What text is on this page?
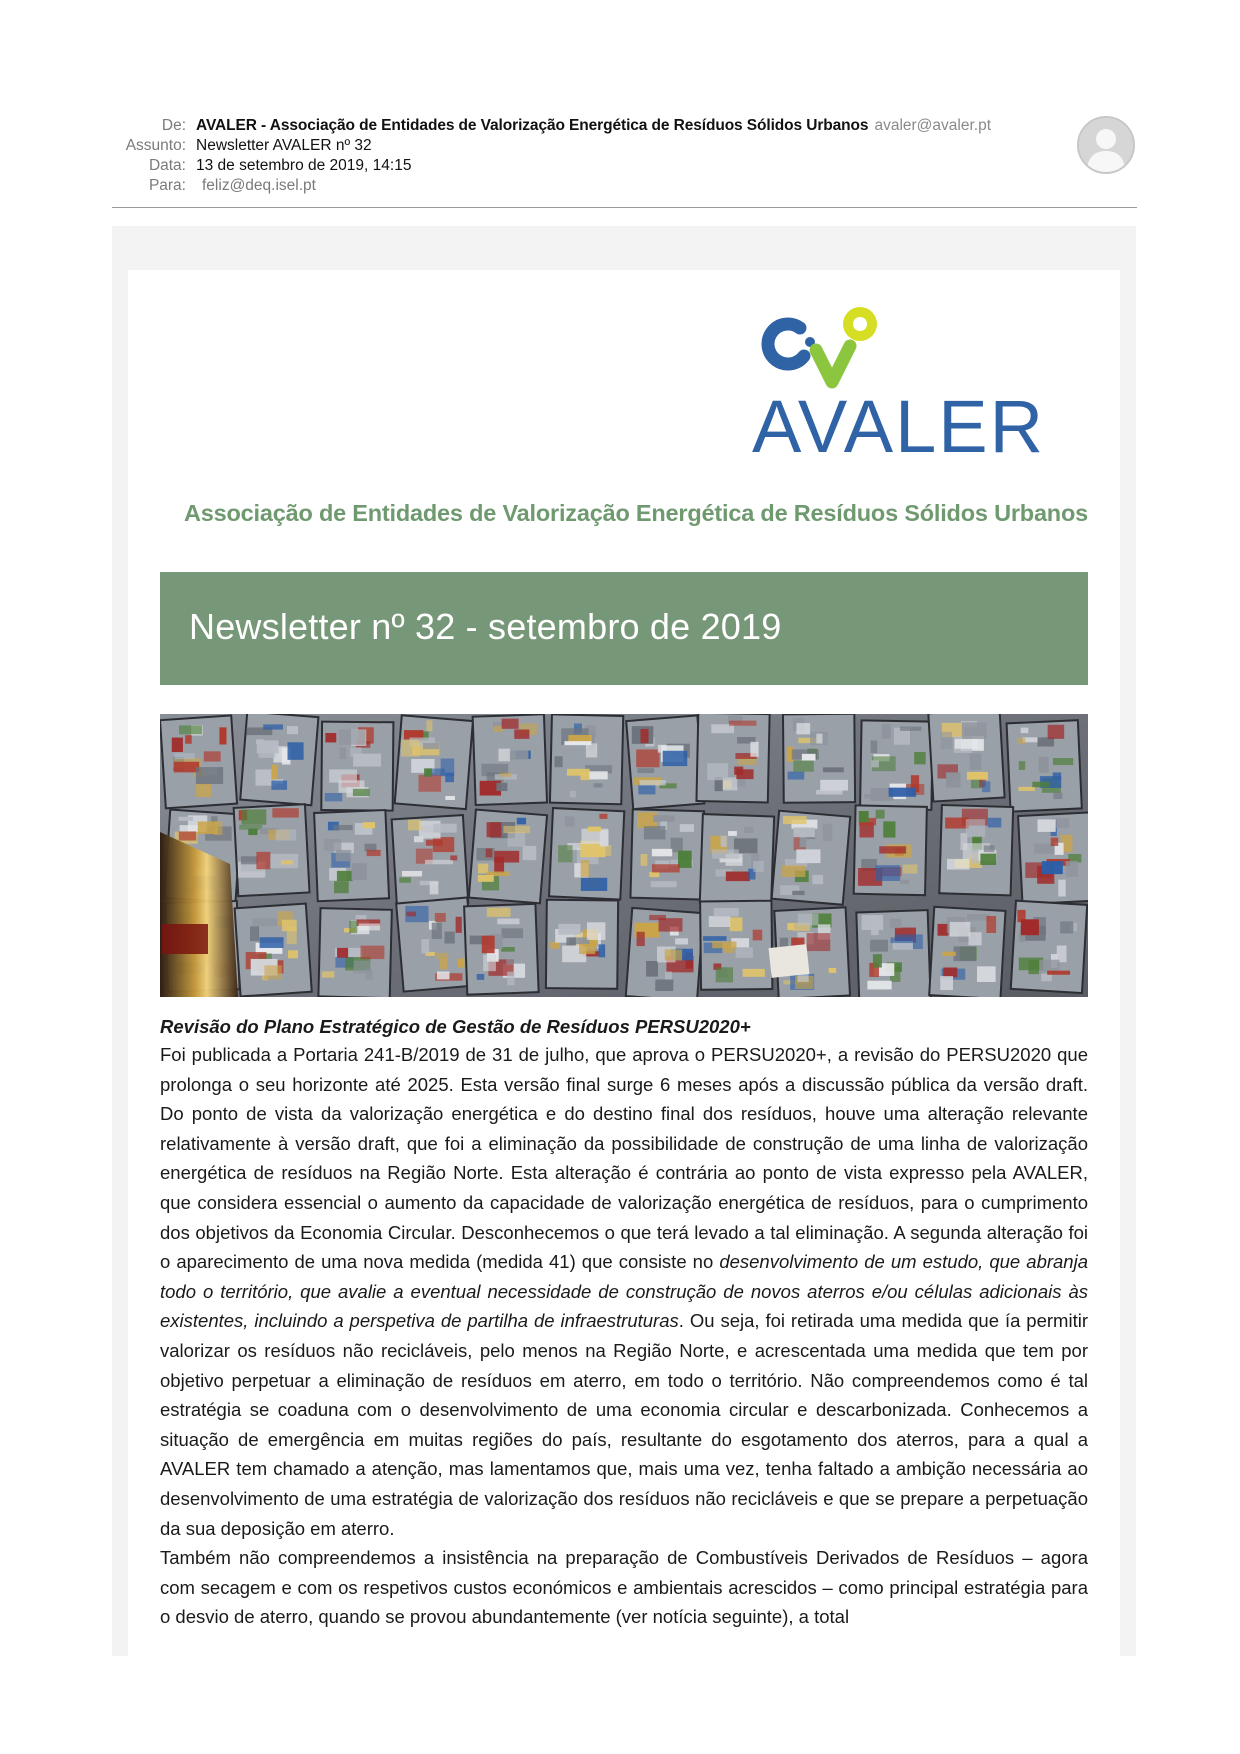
De: AVALER - Associação de Entidades de Valorização Energética de Resíduos Sólidos Urbanos avaler@avaler.pt
Assunto: Newsletter AVALER nº 32
Data: 13 de setembro de 2019, 14:15
Para: feliz@deq.isel.pt
AVALER
Associação de Entidades de Valorização Energética de Resíduos Sólidos Urbanos
Newsletter nº 32 - setembro de 2019
Revisão do Plano Estratégico de Gestão de Resíduos PERSU2020+

Foi publicada a Portaria 241-B/2019 de 31 de julho, que aprova o PERSU2020+, a revisão do PERSU2020 que prolonga o seu horizonte até 2025. Esta versão final surge 6 meses após a discussão pública da versão draft. Do ponto de vista da valorização energética e do destino final dos resíduos, houve uma alteração relevante relativamente à versão draft, que foi a eliminação da possibilidade de construção de uma linha de valorização energética de resíduos na Região Norte. Esta alteração é contrária ao ponto de vista expresso pela AVALER, que considera essencial o aumento da capacidade de valorização energética de resíduos, para o cumprimento dos objetivos da Economia Circular. Desconhecemos o que terá levado a tal eliminação. A segunda alteração foi o aparecimento de uma nova medida (medida 41) que consiste no desenvolvimento de um estudo, que abranja todo o território, que avalie a eventual necessidade de construção de novos aterros e/ou células adicionais às existentes, incluindo a perspetiva de partilha de infraestruturas. Ou seja, foi retirada uma medida que ía permitir valorizar os resíduos não recicláveis, pelo menos na Região Norte, e acrescentada uma medida que tem por objetivo perpetuar a eliminação de resíduos em aterro, em todo o território. Não compreendemos como é tal estratégia se coaduna com o desenvolvimento de uma economia circular e descarbonizada. Conhecemos a situação de emergência em muitas regiões do país, resultante do esgotamento dos aterros, para a qual a AVALER tem chamado a atenção, mas lamentamos que, mais uma vez, tenha faltado a ambição necessária ao desenvolvimento de uma estratégia de valorização dos resíduos não recicláveis e que se prepare a perpetuação da sua deposição em aterro.

Também não compreendemos a insistência na preparação de Combustíveis Derivados de Resíduos – agora com secagem e com os respetivos custos económicos e ambientais acrescidos – como principal estratégia para o desvio de aterro, quando se provou abundantemente (ver notícia seguinte), a total
